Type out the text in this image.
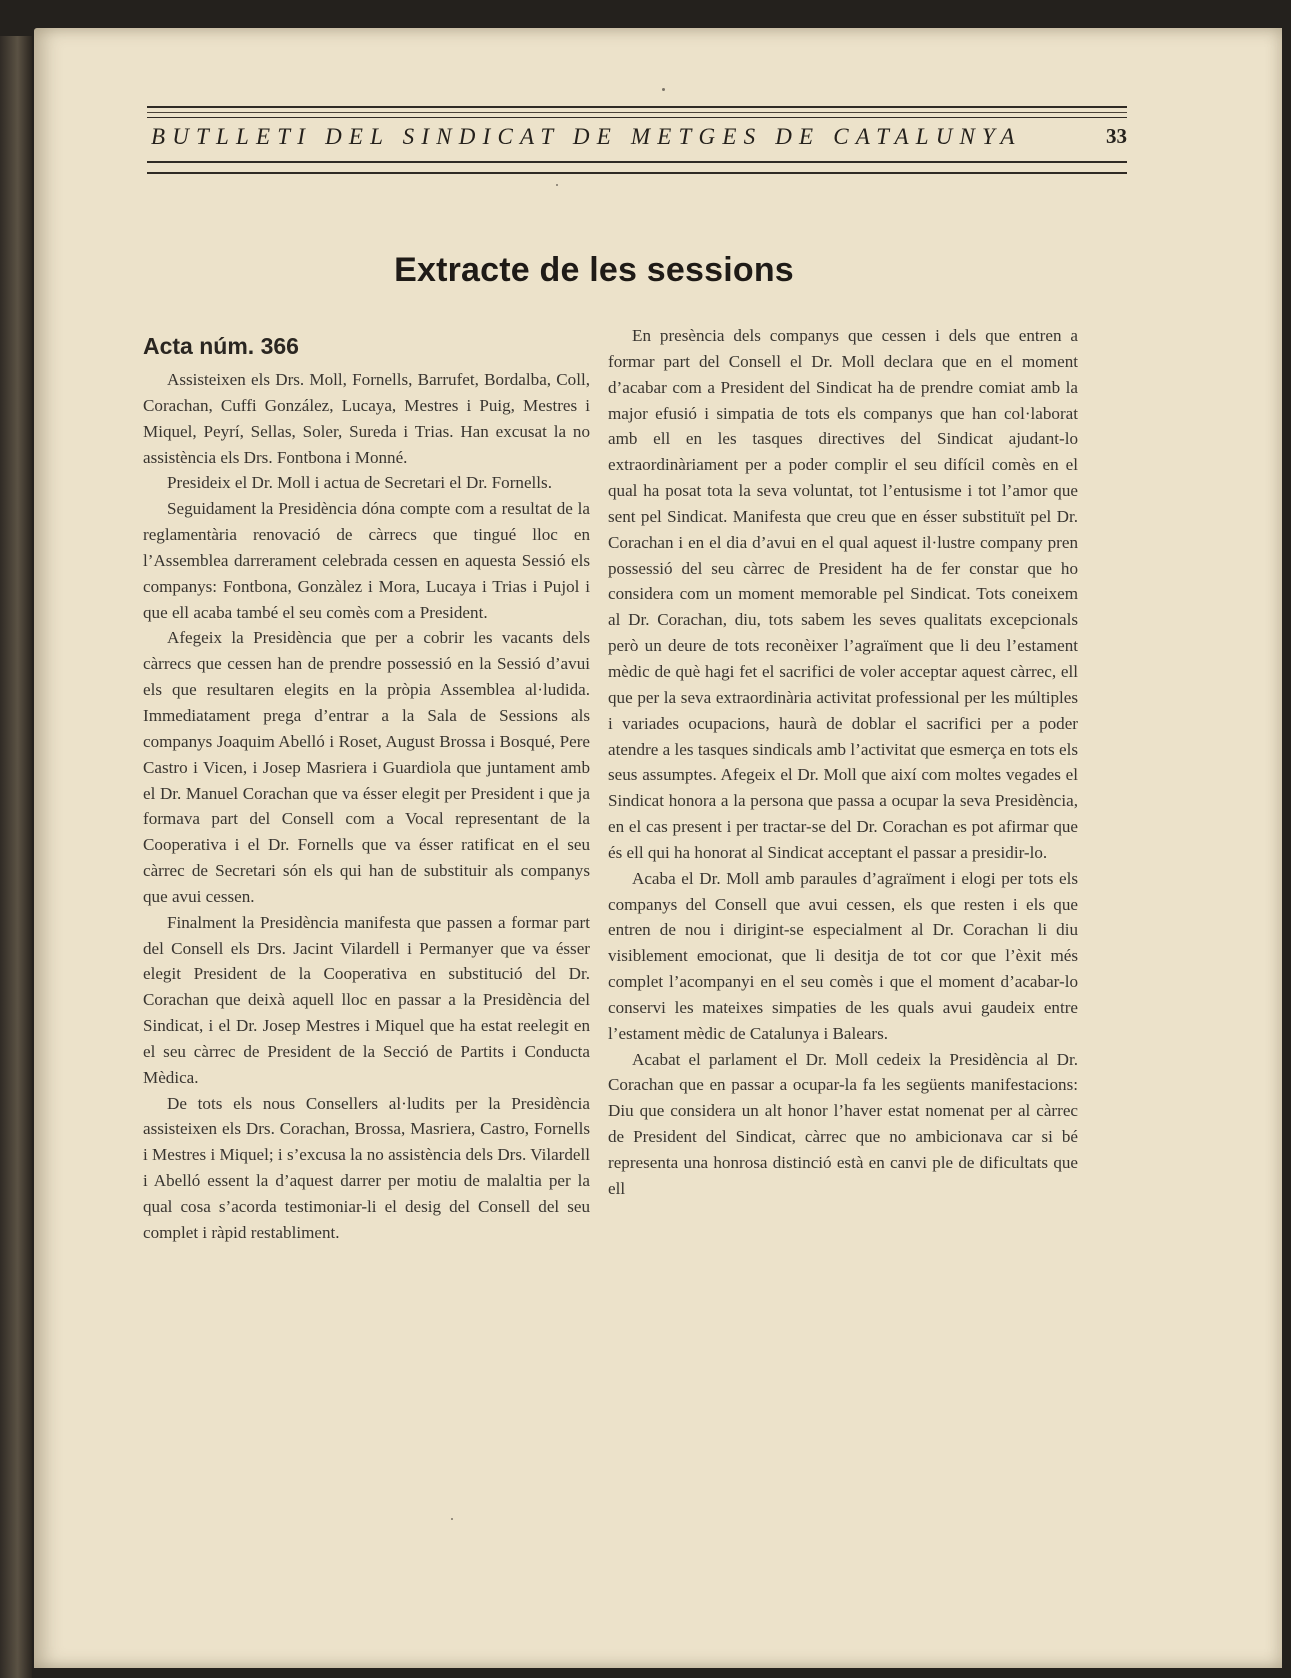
BUTLLETI DEL SINDICAT DE METGES DE CATALUNYA	33
Extracte de les sessions
Acta núm. 366

Assisteixen els Drs. Moll, Fornells, Barrufet, Bordalba, Coll, Corachan, Cuffi González, Lucaya, Mestres i Puig, Mestres i Miquel, Peyrí, Sellas, Soler, Sureda i Trias. Han excusat la no assistència els Drs. Fontbona i Monné.

Presideix el Dr. Moll i actua de Secretari el Dr. Fornells.

Seguidament la Presidència dóna compte com a resultat de la reglamentària renovació de càrrecs que tingué lloc en l’Assemblea darrerament celebrada cessen en aquesta Sessió els companys: Fontbona, Gonzàlez i Mora, Lucaya i Trias i Pujol i que ell acaba també el seu comès com a President.

Afegeix la Presidència que per a cobrir les vacants dels càrrecs que cessen han de prendre possessió en la Sessió d’avui els que resultaren elegits en la pròpia Assemblea al·ludida. Immediatament prega d’entrar a la Sala de Sessions als companys Joaquim Abelló i Roset, August Brossa i Bosqué, Pere Castro i Vicen, i Josep Masriera i Guardiola que juntament amb el Dr. Manuel Corachan que va ésser elegit per President i que ja formava part del Consell com a Vocal representant de la Cooperativa i el Dr. Fornells que va ésser ratificat en el seu càrrec de Secretari són els qui han de substituir als companys que avui cessen.

Finalment la Presidència manifesta que passen a formar part del Consell els Drs. Jacint Vilardell i Permanyer que va ésser elegit President de la Cooperativa en substitució del Dr. Corachan que deixà aquell lloc en passar a la Presidència del Sindicat, i el Dr. Josep Mestres i Miquel que ha estat reelegit en el seu càrrec de President de la Secció de Partits i Conducta Mèdica.

De tots els nous Consellers al·ludits per la Presidència assisteixen els Drs. Corachan, Brossa, Masriera, Castro, Fornells i Mestres i Miquel; i s’excusa la no assistència dels Drs. Vilardell i Abelló essent la d’aquest darrer per motiu de malaltia per la qual cosa s’acorda testimoniar-li el desig del Consell del seu complet i ràpid restabliment.

En presència dels companys que cessen i dels que entren a formar part del Consell el Dr. Moll declara que en el moment d’acabar com a President del Sindicat ha de prendre comiat amb la major efusió i simpatia de tots els companys que han col·laborat amb ell en les tasques directives del Sindicat ajudant-lo extraordinàriament per a poder complir el seu difícil comès en el qual ha posat tota la seva voluntat, tot l’entusisme i tot l’amor que sent pel Sindicat. Manifesta que creu que en ésser substituït pel Dr. Corachan i en el dia d’avui en el qual aquest il·lustre company pren possessió del seu càrrec de President ha de fer constar que ho considera com un moment memorable pel Sindicat. Tots coneixem al Dr. Corachan, diu, tots sabem les seves qualitats excepcionals però un deure de tots reconèixer l’agraïment que li deu l’estament mèdic de què hagi fet el sacrifici de voler acceptar aquest càrrec, ell que per la seva extraordinària activitat professional per les múltiples i variades ocupacions, haurà de doblar el sacrifici per a poder atendre a les tasques sindicals amb l’activitat que esmerça en tots els seus assumptes. Afegeix el Dr. Moll que així com moltes vegades el Sindicat honora a la persona que passa a ocupar la seva Presidència, en el cas present i per tractar-se del Dr. Corachan es pot afirmar que és ell qui ha honorat al Sindicat acceptant el passar a presidir-lo.

Acaba el Dr. Moll amb paraules d’agraïment i elogi per tots els companys del Consell que avui cessen, els que resten i els que entren de nou i dirigint-se especialment al Dr. Corachan li diu visiblement emocionat, que li desitja de tot cor que l’èxit més complet l’acompanyi en el seu comès i que el moment d’acabar-lo conservi les mateixes simpaties de les quals avui gaudeix entre l’estament mèdic de Catalunya i Balears.

Acabat el parlament el Dr. Moll cedeix la Presidència al Dr. Corachan que en passar a ocupar-la fa les següents manifestacions: Diu que considera un alt honor l’haver estat nomenat per al càrrec de President del Sindicat, càrrec que no ambicionava car si bé representa una honrosa distinció està en canvi ple de dificultats que ell
